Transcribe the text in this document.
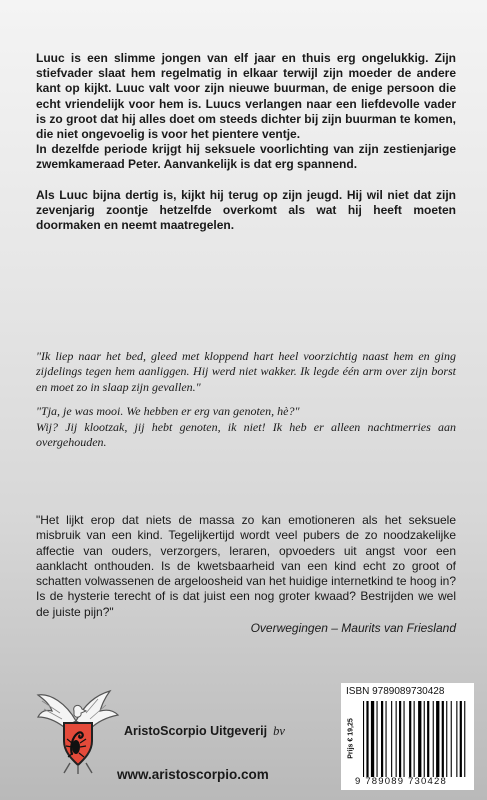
Luuc is een slimme jongen van elf jaar en thuis erg ongelukkig. Zijn stiefvader slaat hem regelmatig in elkaar terwijl zijn moeder de andere kant op kijkt. Luuc valt voor zijn nieuwe buurman, de enige persoon die echt vriendelijk voor hem is. Luucs verlangen naar een liefdevolle vader is zo groot dat hij alles doet om steeds dichter bij zijn buurman te komen, die niet ongevoelig is voor het pientere ventje.

In dezelfde periode krijgt hij seksuele voorlichting van zijn zestienjarige zwemkameraad Peter. Aanvankelijk is dat erg spannend.

Als Luuc bijna dertig is, kijkt hij terug op zijn jeugd. Hij wil niet dat zijn zevenjarig zoontje hetzelfde overkomt als wat hij heeft moeten doormaken en neemt maatregelen.

"Ik liep naar het bed, gleed met kloppend hart heel voorzichtig naast hem en ging zijdelings tegen hem aanliggen. Hij werd niet wakker. Ik legde één arm over zijn borst en moet zo in slaap zijn gevallen."

"Tja, je was mooi. We hebben er erg van genoten, hè?"

Wij? Jij klootzak, jij hebt genoten, ik niet! Ik heb er alleen nachtmerries aan overgehouden.

"Het lijkt erop dat niets de massa zo kan emotioneren als het seksuele misbruik van een kind. Tegelijkertijd wordt veel pubers de zo noodzakelijke affectie van ouders, verzorgers, leraren, opvoeders uit angst voor een aanklacht onthouden. Is de kwetsbaarheid van een kind echt zo groot of schatten volwassenen de argeloosheid van het huidige internetkind te hoog in? Is de hysterie terecht of is dat juist een nog groter kwaad? Bestrijden we wel de juiste pijn?"

Overwegingen – Maurits van Friesland

AristoScorpio Uitgeverij bv
www.aristoscorpio.com
ISBN 9789089730428
Prijs € 19,25
9 789089 730428
